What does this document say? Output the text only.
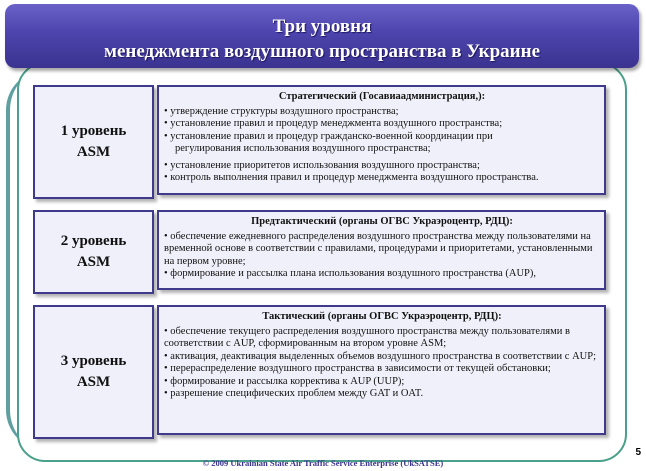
Три уровня
менеджмента воздушного пространства в Украине
1 уровень
ASM

Стратегический (Госавиаадминистрация,):

• утверждение структуры воздушного пространства;

• установление правил и процедур менеджмента воздушного пространства;

• установление правил и процедур гражданско-военной координации при

регулирования использования воздушного пространства;

• установление приоритетов использования воздушного пространства;

• контроль выполнения правил и процедур менеджмента воздушного пространства.

2 уровень
ASM

Предтактический (органы ОГВС Украэроцентр, РДЦ):

• обеспечение ежедневного распределения воздушного пространства между пользователями на временной основе в соответствии с правилами, процедурами и приоритетами, установленными на первом уровне;

• формирование и рассылка плана использования воздушного пространства (AUP),

3 уровень
ASM

Тактический (органы ОГВС Украэроцентр, РДЦ):

• обеспечение текущего распределения воздушного пространства между пользователями в соответствии с AUP, сформированным на втором уровне ASM;

• активация, деактивация выделенных объемов воздушного пространства в соответствии с AUP;

• перераспределение воздушного пространства в зависимости от текущей обстановки;

• формирование и рассылка корректива к AUP (UUP);

• разрешение специфических проблем между GAT и OAT.

© 2009 Ukrainian State Air Traffic Service Enterprise (UkSATSE)
5
